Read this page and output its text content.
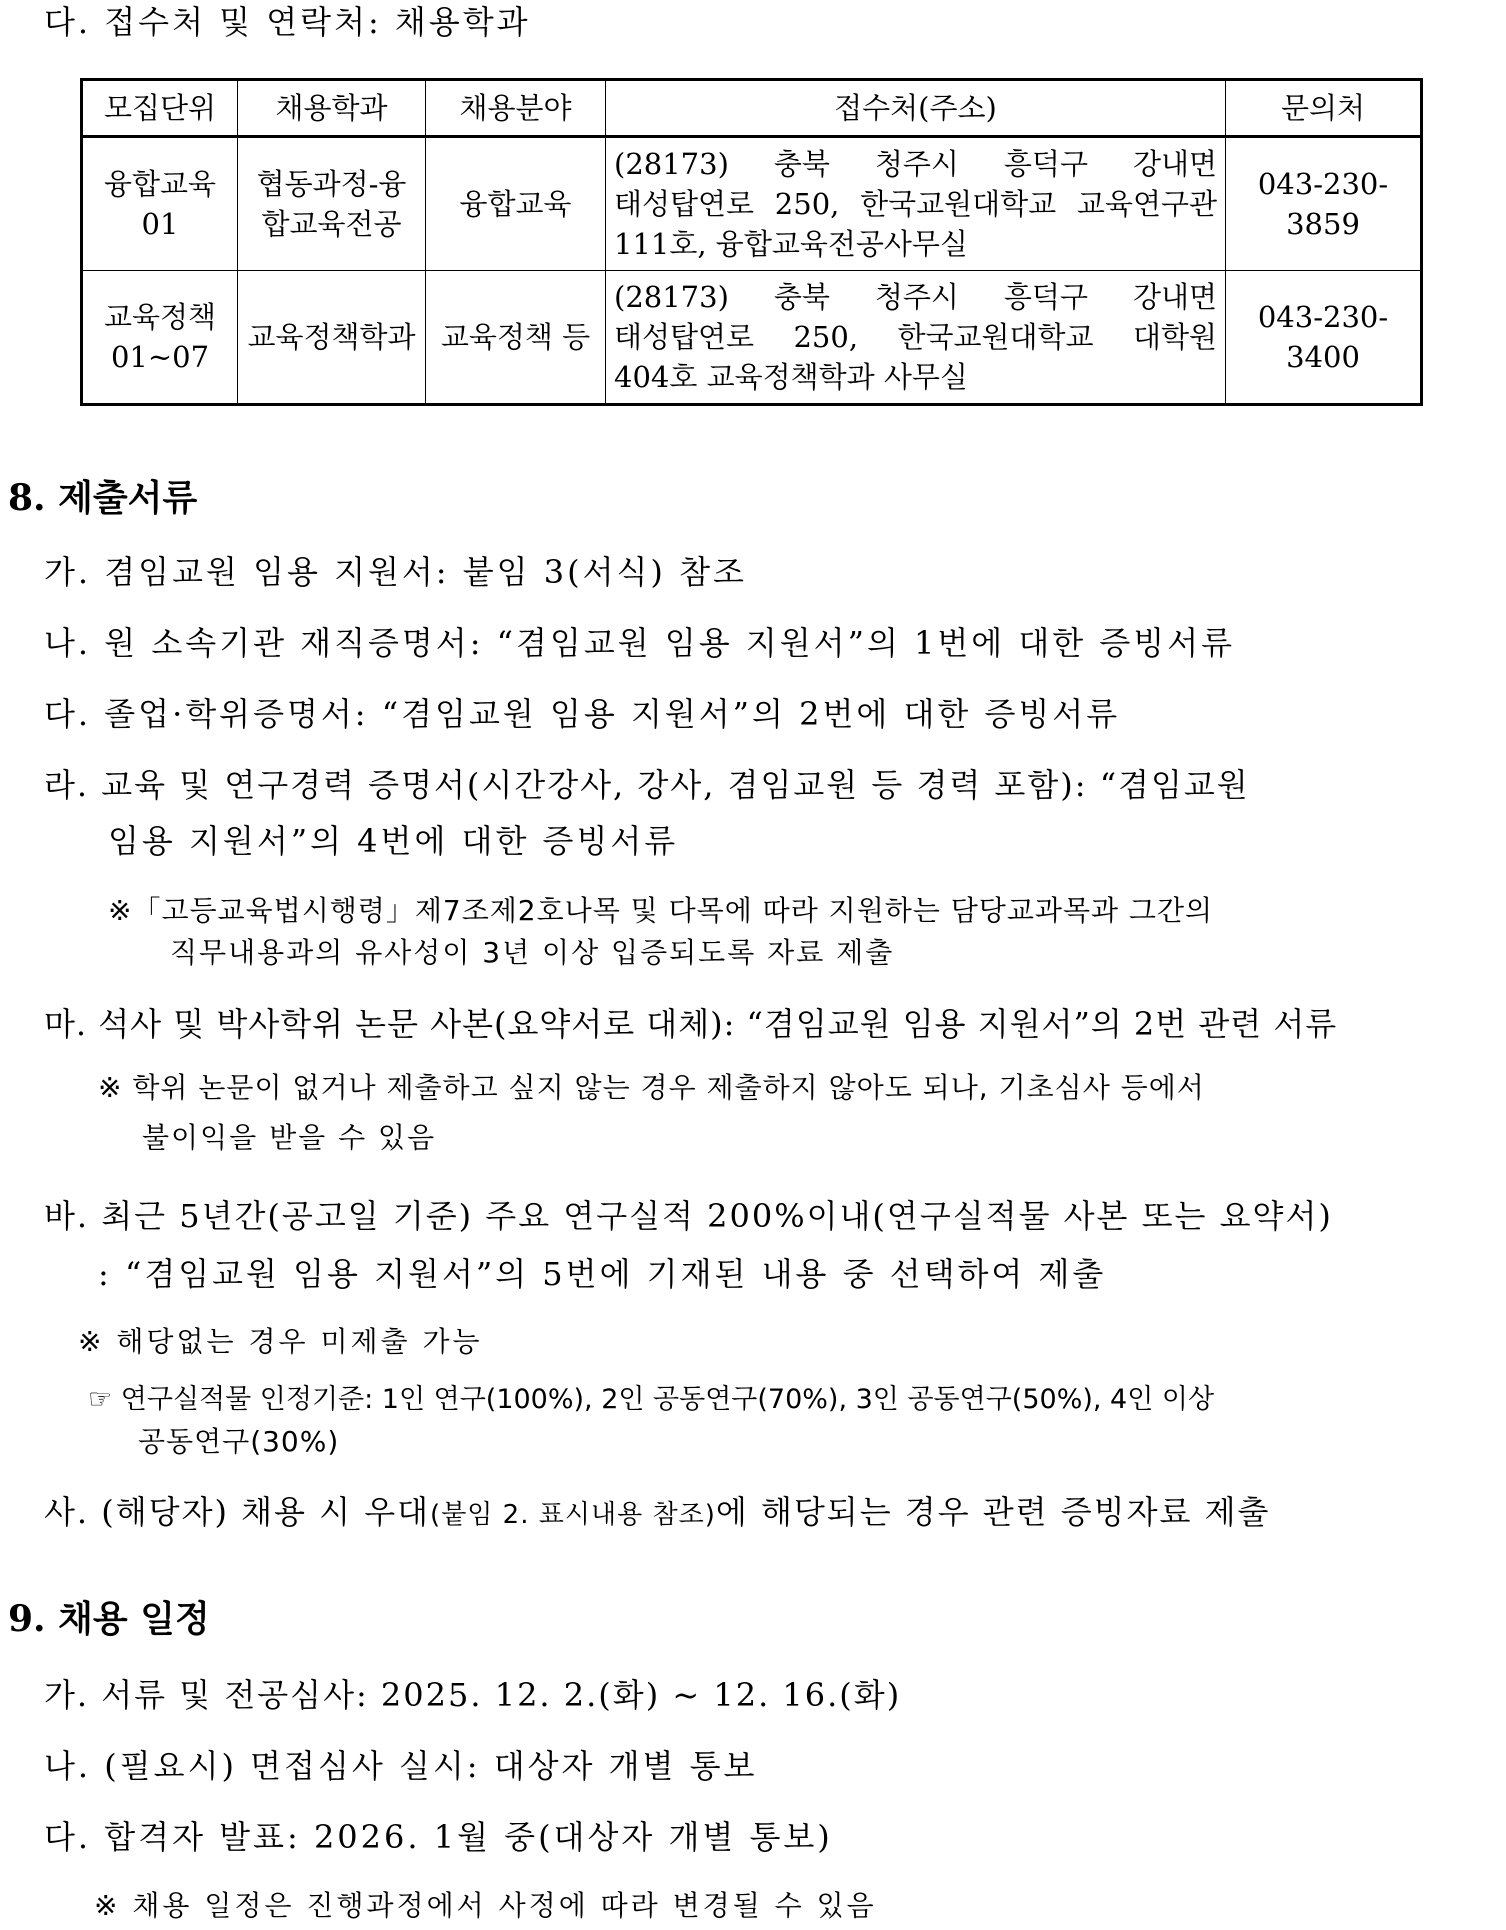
다. 접수처 및 연락처: 채용학과
모집단위	채용학과	채용분야	접수처(주소)	문의처
융합교육 01	협동과정-융합교육전공	융합교육	(28173) 충북 청주시 흥덕구 강내면 태성탑연로 250, 한국교원대학교 교육연구관 111호, 융합교육전공사무실	043-230-3859
교육정책 01~07	교육정책학과	교육정책 등	(28173) 충북 청주시 흥덕구 강내면 태성탑연로 250, 한국교원대학교 대학원 404호 교육정책학과 사무실	043-230-3400
8. 제출서류
가. 겸임교원 임용 지원서: 붙임 3(서식) 참조
나. 원 소속기관 재직증명서: “겸임교원 임용 지원서”의 1번에 대한 증빙서류
다. 졸업·학위증명서: “겸임교원 임용 지원서”의 2번에 대한 증빙서류
라. 교육 및 연구경력 증명서(시간강사, 강사, 겸임교원 등 경력 포함): “겸임교원
임용 지원서”의 4번에 대한 증빙서류
※「고등교육법시행령」제7조제2호나목 및 다목에 따라 지원하는 담당교과목과 그간의
직무내용과의 유사성이 3년 이상 입증되도록 자료 제출
마. 석사 및 박사학위 논문 사본(요약서로 대체): “겸임교원 임용 지원서”의 2번 관련 서류
※ 학위 논문이 없거나 제출하고 싶지 않는 경우 제출하지 않아도 되나, 기초심사 등에서
불이익을 받을 수 있음
바. 최근 5년간(공고일 기준) 주요 연구실적 200%이내(연구실적물 사본 또는 요약서)
: “겸임교원 임용 지원서”의 5번에 기재된 내용 중 선택하여 제출
※ 해당없는 경우 미제출 가능
☞ 연구실적물 인정기준: 1인 연구(100%), 2인 공동연구(70%), 3인 공동연구(50%), 4인 이상
공동연구(30%)
사. (해당자) 채용 시 우대(붙임 2. 표시내용 참조)에 해당되는 경우 관련 증빙자료 제출
9. 채용 일정
가. 서류 및 전공심사: 2025. 12. 2.(화) ~ 12. 16.(화)
나. (필요시) 면접심사 실시: 대상자 개별 통보
다. 합격자 발표: 2026. 1월 중(대상자 개별 통보)
※ 채용 일정은 진행과정에서 사정에 따라 변경될 수 있음
